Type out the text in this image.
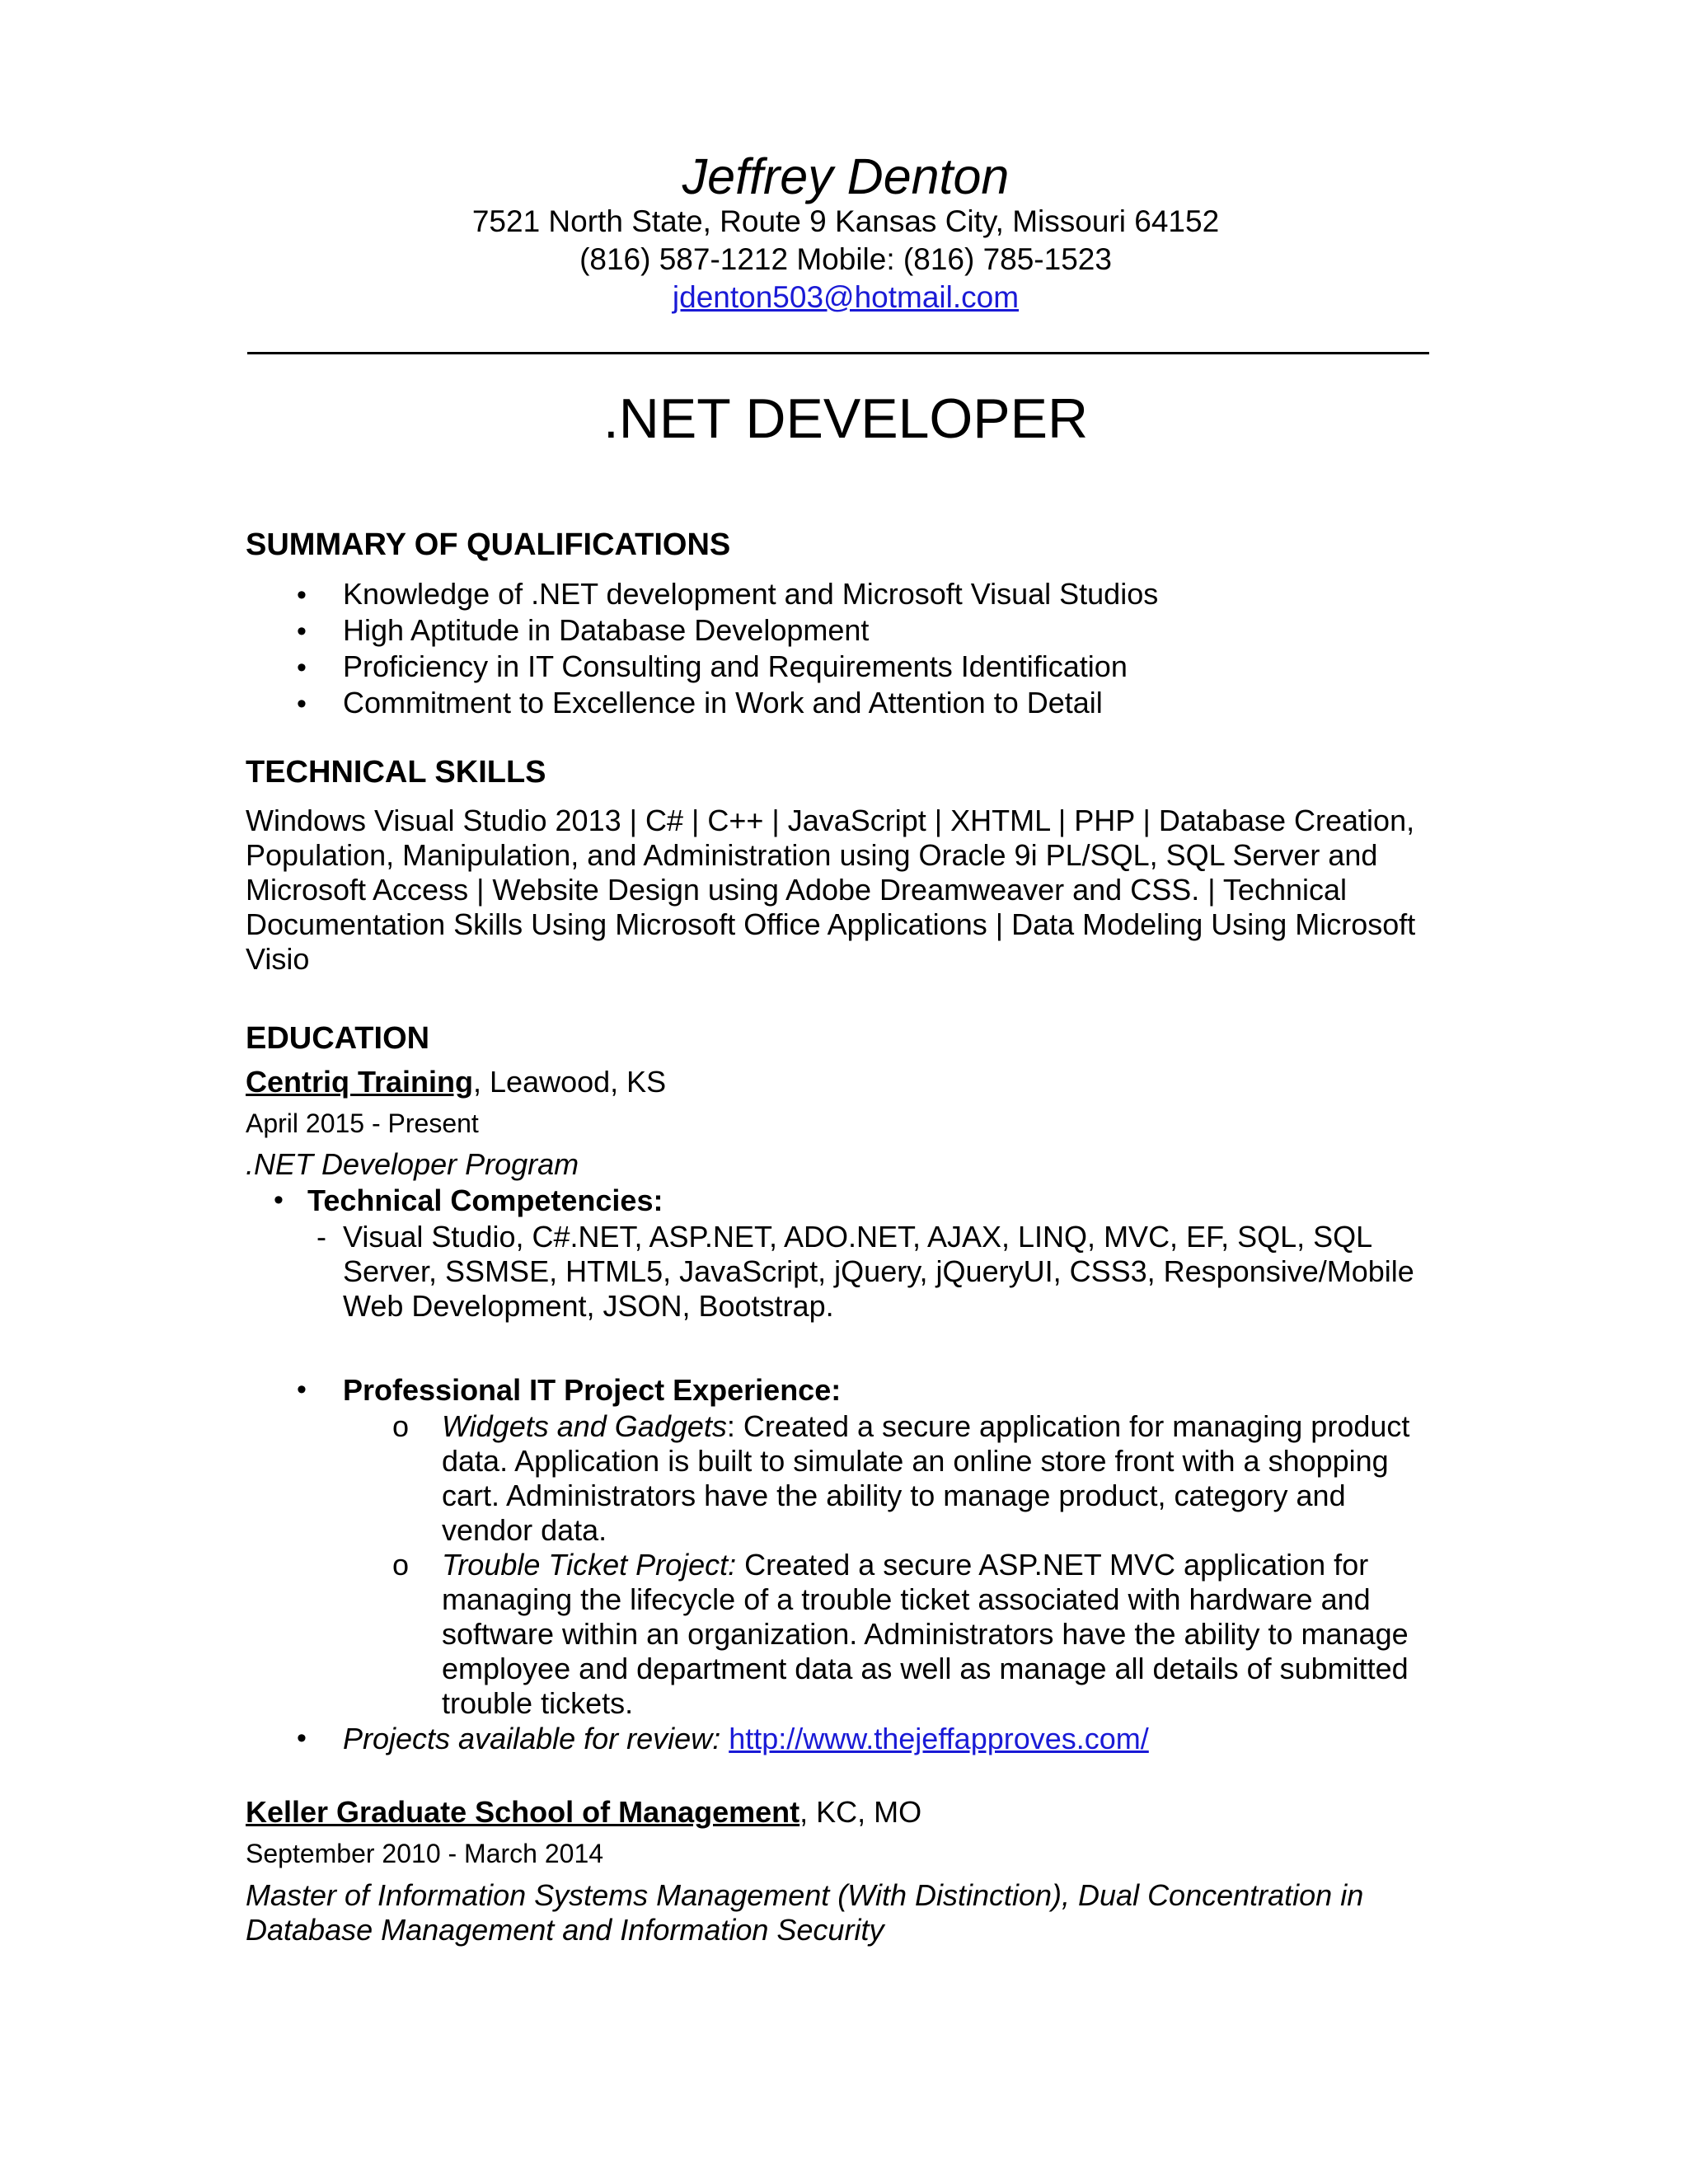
Jeffrey Denton
7521 North State, Route 9 Kansas City, Missouri 64152
(816) 587-1212 Mobile: (816) 785-1523
jdenton503@hotmail.com
.NET DEVELOPER
SUMMARY OF QUALIFICATIONS
• Knowledge of .NET development and Microsoft Visual Studios
• High Aptitude in Database Development
• Proficiency in IT Consulting and Requirements Identification
• Commitment to Excellence in Work and Attention to Detail
TECHNICAL SKILLS
Windows Visual Studio 2013 | C# | C++ | JavaScript | XHTML | PHP | Database Creation,
Population, Manipulation, and Administration using Oracle 9i PL/SQL, SQL Server and
Microsoft Access | Website Design using Adobe Dreamweaver and CSS. | Technical
Documentation Skills Using Microsoft Office Applications | Data Modeling Using Microsoft
Visio
EDUCATION
Centriq Training, Leawood, KS
April 2015 - Present
.NET Developer Program
• Technical Competencies:
- Visual Studio, C#.NET, ASP.NET, ADO.NET, AJAX, LINQ, MVC, EF, SQL, SQL
Server, SSMSE, HTML5, JavaScript, jQuery, jQueryUI, CSS3, Responsive/Mobile
Web Development, JSON, Bootstrap.
• Professional IT Project Experience:
o Widgets and Gadgets: Created a secure application for managing product
data. Application is built to simulate an online store front with a shopping
cart. Administrators have the ability to manage product, category and
vendor data.
o Trouble Ticket Project: Created a secure ASP.NET MVC application for
managing the lifecycle of a trouble ticket associated with hardware and
software within an organization. Administrators have the ability to manage
employee and department data as well as manage all details of submitted
trouble tickets.
• Projects available for review: http://www.thejeffapproves.com/
Keller Graduate School of Management, KC, MO
September 2010 - March 2014
Master of Information Systems Management (With Distinction), Dual Concentration in
Database Management and Information Security
